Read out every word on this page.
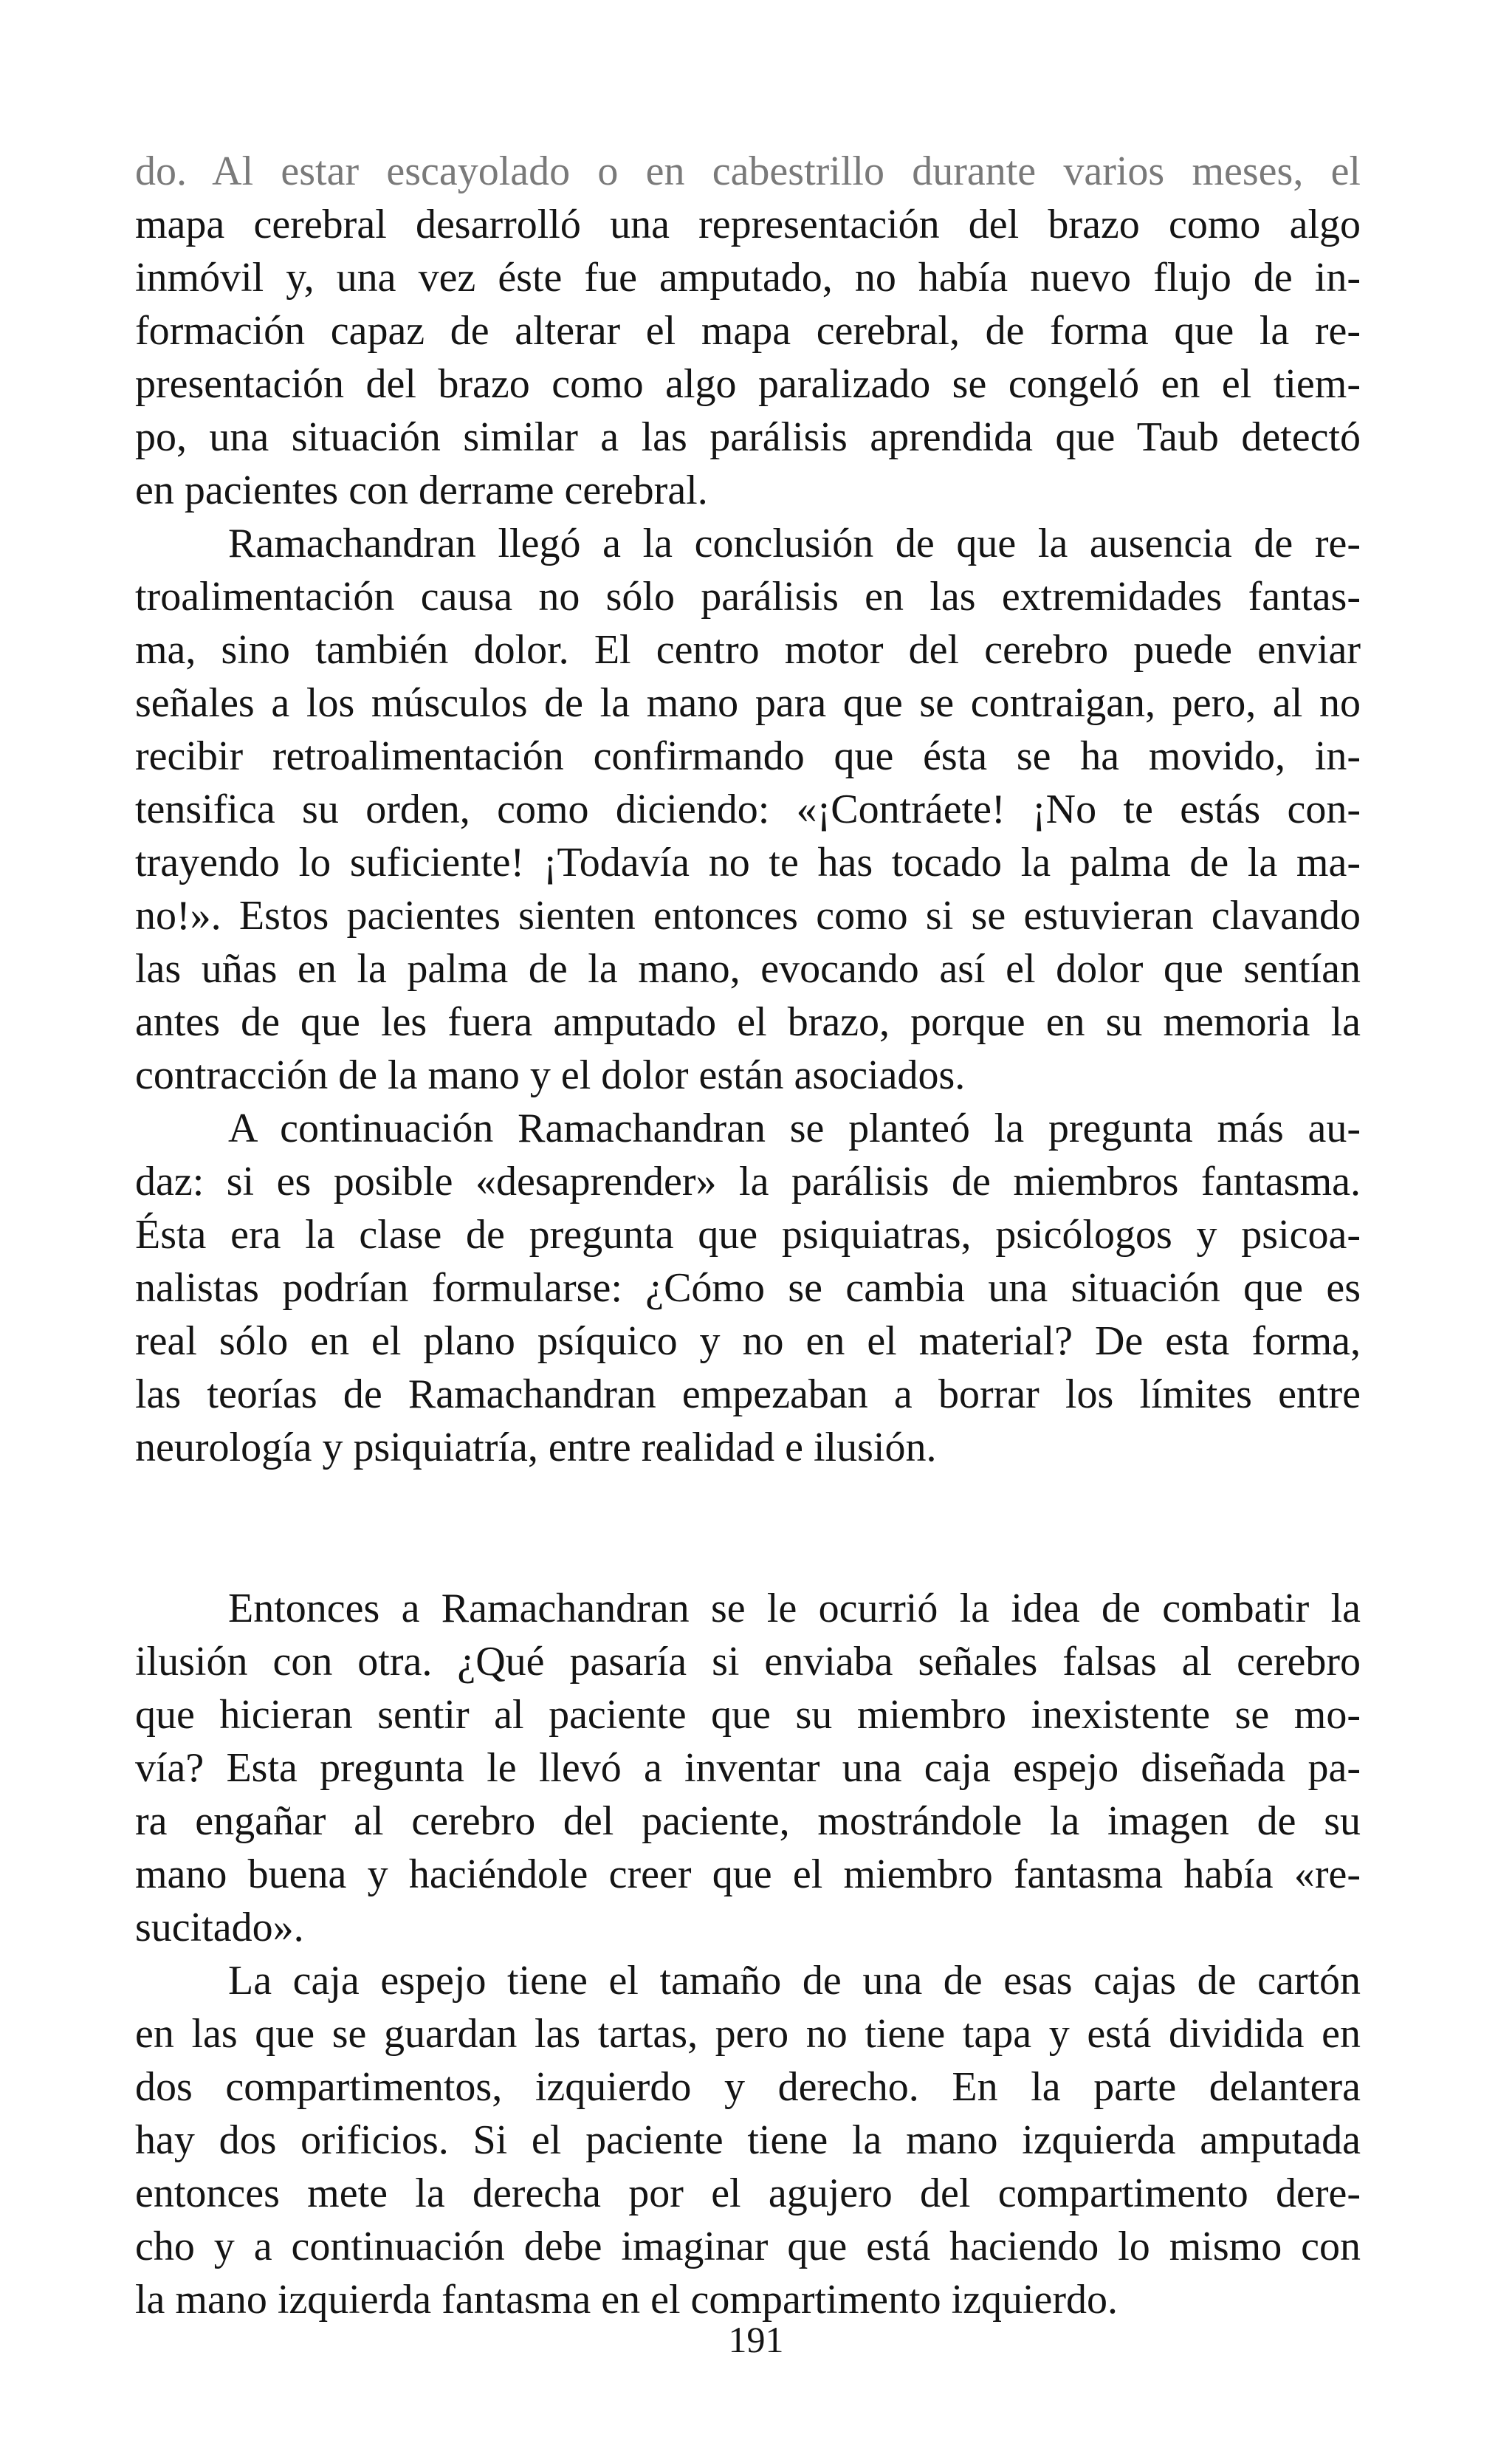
do. Al estar escayolado o en cabestrillo durante varios meses, el
mapa cerebral desarrolló una representación del brazo como algo
inmóvil y, una vez éste fue amputado, no había nuevo flujo de in-
formación capaz de alterar el mapa cerebral, de forma que la re-
presentación del brazo como algo paralizado se congeló en el tiem-
po, una situación similar a las parálisis aprendida que Taub detectó
en pacientes con derrame cerebral.
Ramachandran llegó a la conclusión de que la ausencia de re-
troalimentación causa no sólo parálisis en las extremidades fantas-
ma, sino también dolor. El centro motor del cerebro puede enviar
señales a los músculos de la mano para que se contraigan, pero, al no
recibir retroalimentación confirmando que ésta se ha movido, in-
tensifica su orden, como diciendo: «¡Contráete! ¡No te estás con-
trayendo lo suficiente! ¡Todavía no te has tocado la palma de la ma-
no!». Estos pacientes sienten entonces como si se estuvieran clavando
las uñas en la palma de la mano, evocando así el dolor que sentían
antes de que les fuera amputado el brazo, porque en su memoria la
contracción de la mano y el dolor están asociados.
A continuación Ramachandran se planteó la pregunta más au-
daz: si es posible «desaprender» la parálisis de miembros fantasma.
Ésta era la clase de pregunta que psiquiatras, psicólogos y psicoa-
nalistas podrían formularse: ¿Cómo se cambia una situación que es
real sólo en el plano psíquico y no en el material? De esta forma,
las teorías de Ramachandran empezaban a borrar los límites entre
neurología y psiquiatría, entre realidad e ilusión.
Entonces a Ramachandran se le ocurrió la idea de combatir la
ilusión con otra. ¿Qué pasaría si enviaba señales falsas al cerebro
que hicieran sentir al paciente que su miembro inexistente se mo-
vía? Esta pregunta le llevó a inventar una caja espejo diseñada pa-
ra engañar al cerebro del paciente, mostrándole la imagen de su
mano buena y haciéndole creer que el miembro fantasma había «re-
sucitado».
La caja espejo tiene el tamaño de una de esas cajas de cartón
en las que se guardan las tartas, pero no tiene tapa y está dividida en
dos compartimentos, izquierdo y derecho. En la parte delantera
hay dos orificios. Si el paciente tiene la mano izquierda amputada
entonces mete la derecha por el agujero del compartimento dere-
cho y a continuación debe imaginar que está haciendo lo mismo con
la mano izquierda fantasma en el compartimento izquierdo.
191
